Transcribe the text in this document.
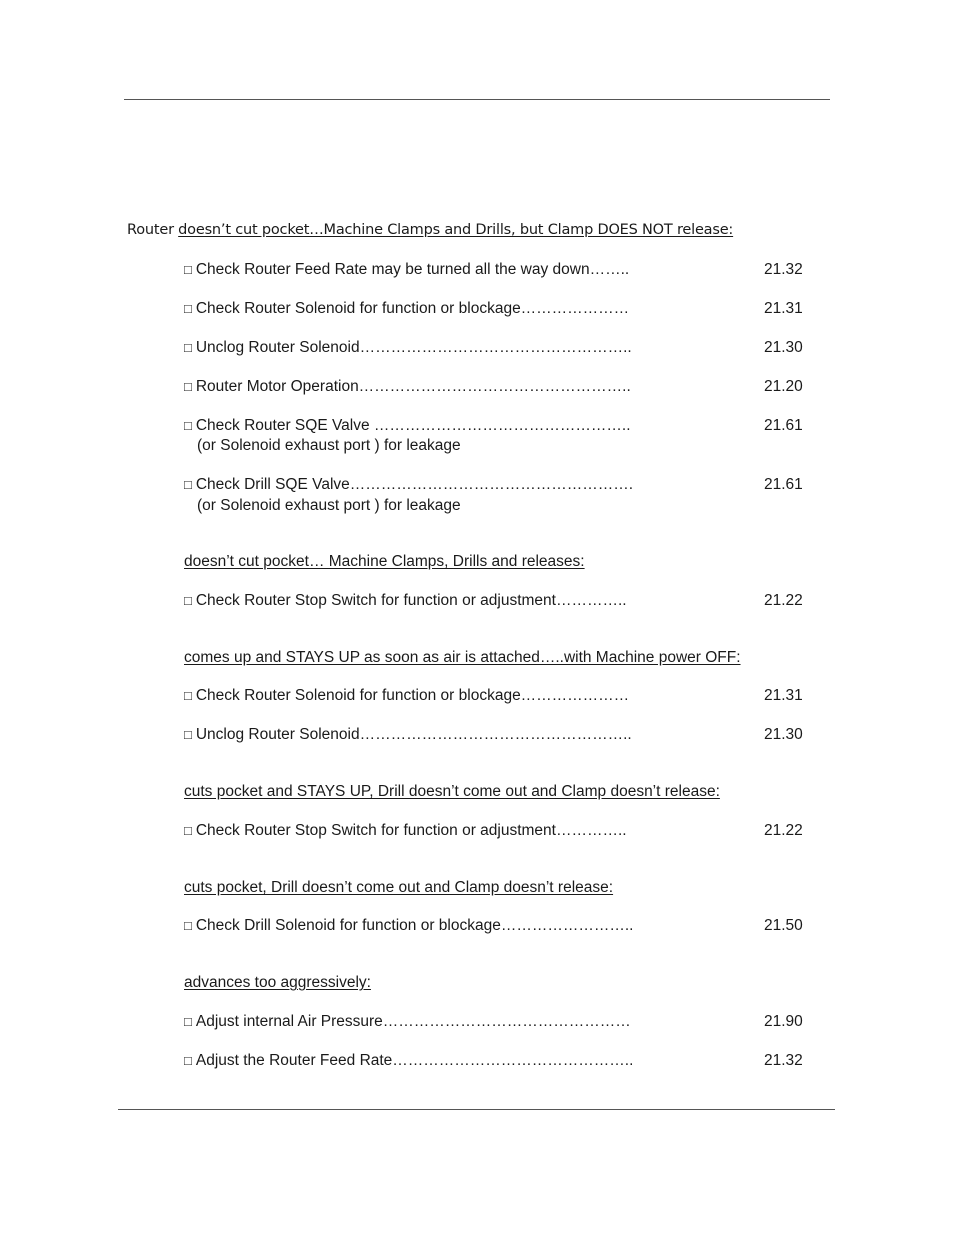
Router doesn’t cut pocket…Machine Clamps and Drills, but Clamp DOES NOT release:
□ Check Router Feed Rate may be turned all the way down……..	21.32
□ Check Router Solenoid for function or blockage…………………	21.31
□ Unclog Router Solenoid……………………………………………..	21.30
□ Router Motor Operation……………………………………………..	21.20
□ Check Router SQE Valve …………………………………………..	21.61
(or Solenoid exhaust port ) for leakage
□ Check Drill SQE Valve……………………………………………….	21.61
(or Solenoid exhaust port ) for leakage
doesn’t cut pocket… Machine Clamps, Drills and releases:
□ Check Router Stop Switch for function or adjustment…………..	21.22
comes up and STAYS UP as soon as air is attached…..with Machine power OFF:
□ Check Router Solenoid for function or blockage…………………	21.31
□ Unclog Router Solenoid……………………………………………..	21.30
cuts pocket and STAYS UP, Drill doesn’t come out and Clamp doesn’t release:
□ Check Router Stop Switch for function or adjustment…………..	21.22
cuts pocket, Drill doesn’t come out and Clamp doesn’t release:
□ Check Drill Solenoid for function or blockage……………………..	21.50
advances too aggressively:
□ Adjust internal Air Pressure…………………………………………	21.90
□ Adjust the Router Feed Rate………………………………………..	21.32
